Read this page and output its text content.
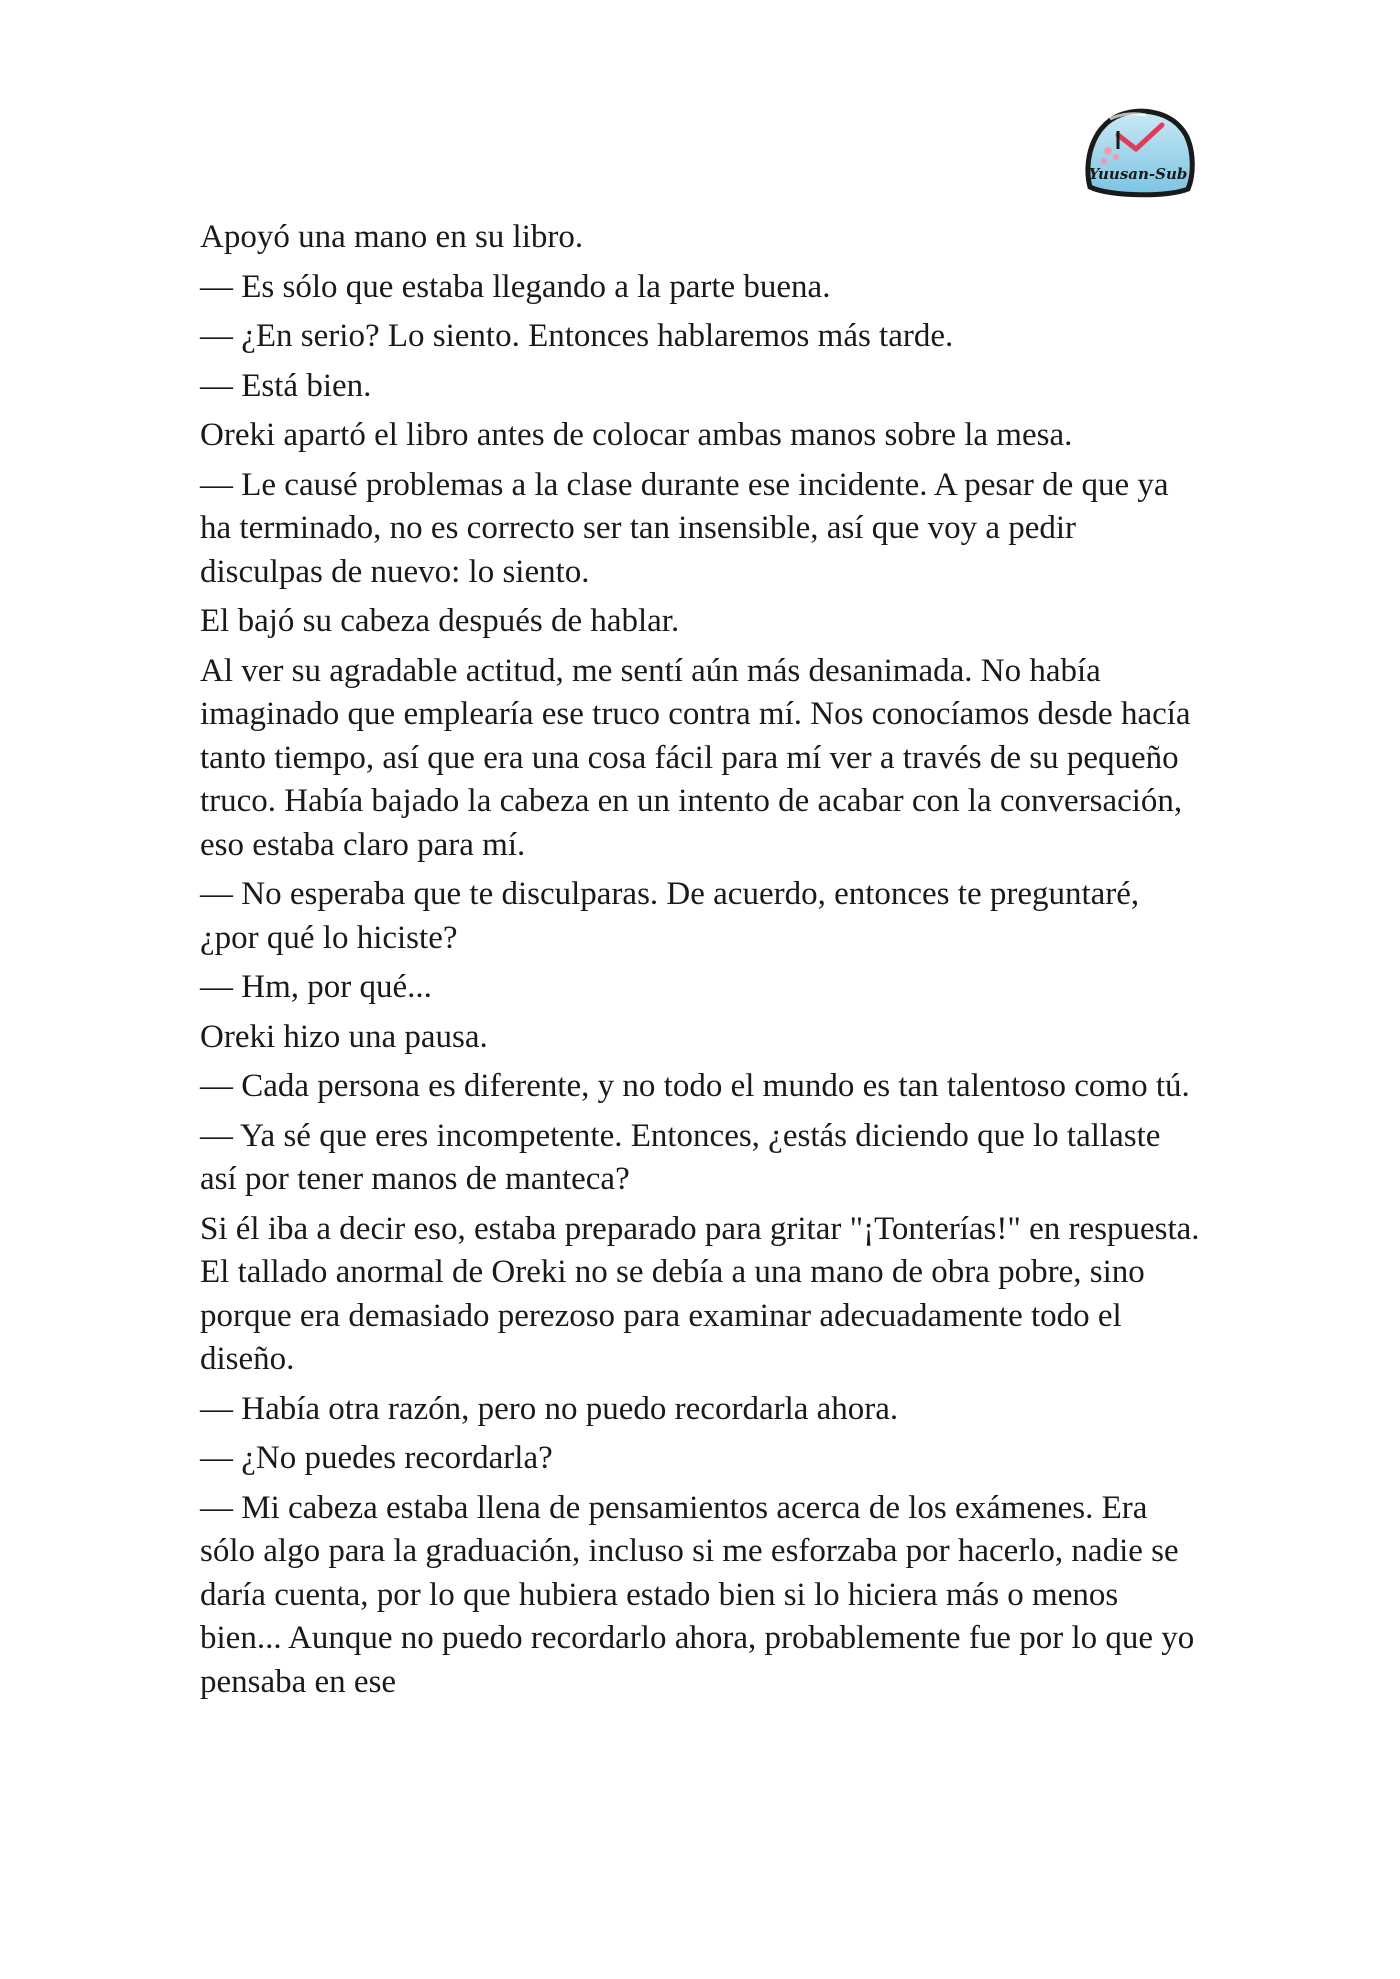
Yuusan-Sub

Apoyó una mano en su libro.

— Es sólo que estaba llegando a la parte buena.

— ¿En serio? Lo siento. Entonces hablaremos más tarde.

— Está bien.

Oreki apartó el libro antes de colocar ambas manos sobre la mesa.

— Le causé problemas a la clase durante ese incidente. A pesar de que ya ha terminado, no es correcto ser tan insensible, así que voy a pedir disculpas de nuevo: lo siento.

El bajó su cabeza después de hablar.

Al ver su agradable actitud, me sentí aún más desanimada. No había imaginado que emplearía ese truco contra mí. Nos conocíamos desde hacía tanto tiempo, así que era una cosa fácil para mí ver a través de su pequeño truco. Había bajado la cabeza en un intento de acabar con la conversación, eso estaba claro para mí.

— No esperaba que te disculparas. De acuerdo, entonces te preguntaré, ¿por qué lo hiciste?

— Hm, por qué...

Oreki hizo una pausa.

— Cada persona es diferente, y no todo el mundo es tan talentoso como tú.

— Ya sé que eres incompetente. Entonces, ¿estás diciendo que lo tallaste así por tener manos de manteca?

Si él iba a decir eso, estaba preparado para gritar "¡Tonterías!" en respuesta. El tallado anormal de Oreki no se debía a una mano de obra pobre, sino porque era demasiado perezoso para examinar adecuadamente todo el diseño.

— Había otra razón, pero no puedo recordarla ahora.

— ¿No puedes recordarla?

— Mi cabeza estaba llena de pensamientos acerca de los exámenes. Era sólo algo para la graduación, incluso si me esforzaba por hacerlo, nadie se daría cuenta, por lo que hubiera estado bien si lo hiciera más o menos bien... Aunque no puedo recordarlo ahora, probablemente fue por lo que yo pensaba en ese
